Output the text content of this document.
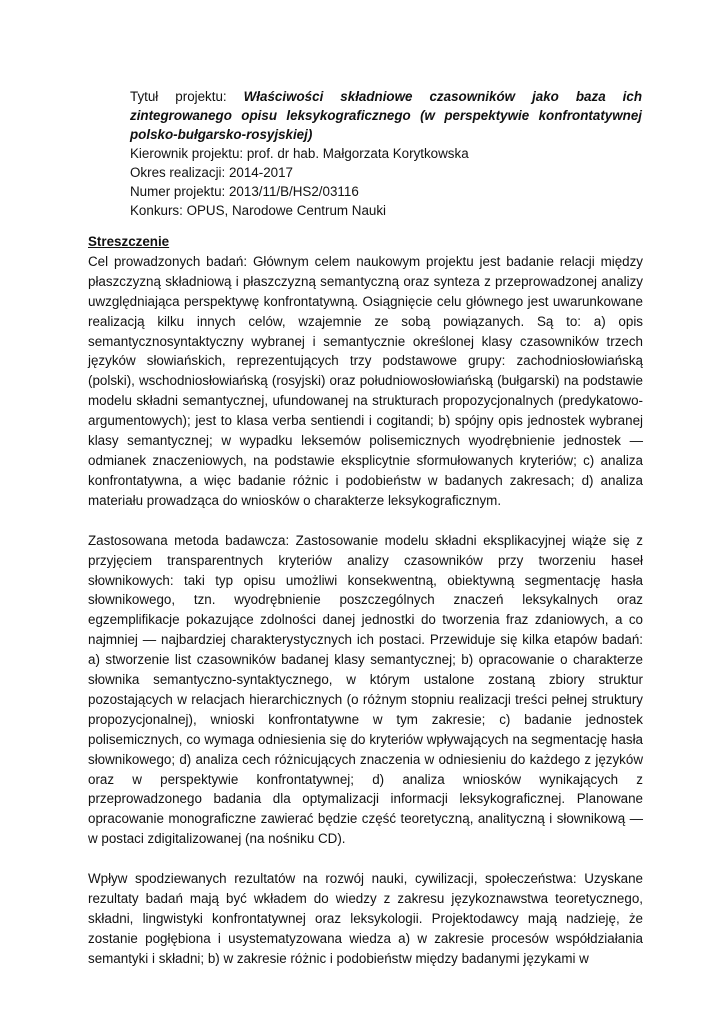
Tytuł projektu: Właściwości składniowe czasowników jako baza ich zintegrowanego opisu leksykograficznego (w perspektywie konfrontatywnej polsko-bułgarsko-rosyjskiej)

Kierownik projektu: prof. dr hab. Małgorzata Korytkowska

Okres realizacji: 2014-2017

Numer projektu: 2013/11/B/HS2/03116

Konkurs: OPUS, Narodowe Centrum Nauki

Streszczenie

Cel prowadzonych badań: Głównym celem naukowym projektu jest badanie relacji między płaszczyzną składniową i płaszczyzną semantyczną oraz synteza z przeprowadzonej analizy uwzględniająca perspektywę konfrontatywną. Osiągnięcie celu głównego jest uwarunkowane realizacją kilku innych celów, wzajemnie ze sobą powiązanych. Są to: a) opis semantycznosyntaktyczny wybranej i semantycznie określonej klasy czasowników trzech języków słowiańskich, reprezentujących trzy podstawowe grupy: zachodniosłowiańską (polski), wschodniosłowiańską (rosyjski) oraz południowosłowiańską (bułgarski) na podstawie modelu składni semantycznej, ufundowanej na strukturach propozycjonalnych (predykatowo-argumentowych); jest to klasa verba sentiendi i cogitandi; b) spójny opis jednostek wybranej klasy semantycznej; w wypadku leksemów polisemicznych wyodrębnienie jednostek — odmianek znaczeniowych, na podstawie eksplicytnie sformułowanych kryteriów; c) analiza konfrontatywna, a więc badanie różnic i podobieństw w badanych zakresach; d) analiza materiału prowadząca do wniosków o charakterze leksykograficznym.

Zastosowana metoda badawcza: Zastosowanie modelu składni eksplikacyjnej wiąże się z przyjęciem transparentnych kryteriów analizy czasowników przy tworzeniu haseł słownikowych: taki typ opisu umożliwi konsekwentną, obiektywną segmentację hasła słownikowego, tzn. wyodrębnienie poszczególnych znaczeń leksykalnych oraz egzemplifikacje pokazujące zdolności danej jednostki do tworzenia fraz zdaniowych, a co najmniej — najbardziej charakterystycznych ich postaci. Przewiduje się kilka etapów badań: a) stworzenie list czasowników badanej klasy semantycznej; b) opracowanie o charakterze słownika semantyczno-syntaktycznego, w którym ustalone zostaną zbiory struktur pozostających w relacjach hierarchicznych (o różnym stopniu realizacji treści pełnej struktury propozycjonalnej), wnioski konfrontatywne w tym zakresie; c) badanie jednostek polisemicznych, co wymaga odniesienia się do kryteriów wpływających na segmentację hasła słownikowego; d) analiza cech różnicujących znaczenia w odniesieniu do każdego z języków oraz w perspektywie konfrontatywnej; d) analiza wniosków wynikających z przeprowadzonego badania dla optymalizacji informacji leksykograficznej. Planowane opracowanie monograficzne zawierać będzie część teoretyczną, analityczną i słownikową — w postaci zdigitalizowanej (na nośniku CD).

Wpływ spodziewanych rezultatów na rozwój nauki, cywilizacji, społeczeństwa: Uzyskane rezultaty badań mają być wkładem do wiedzy z zakresu językoznawstwa teoretycznego, składni, lingwistyki konfrontatywnej oraz leksykologii. Projektodawcy mają nadzieję, że zostanie pogłębiona i usystematyzowana wiedza a) w zakresie procesów współdziałania semantyki i składni; b) w zakresie różnic i podobieństw między badanymi językami w
